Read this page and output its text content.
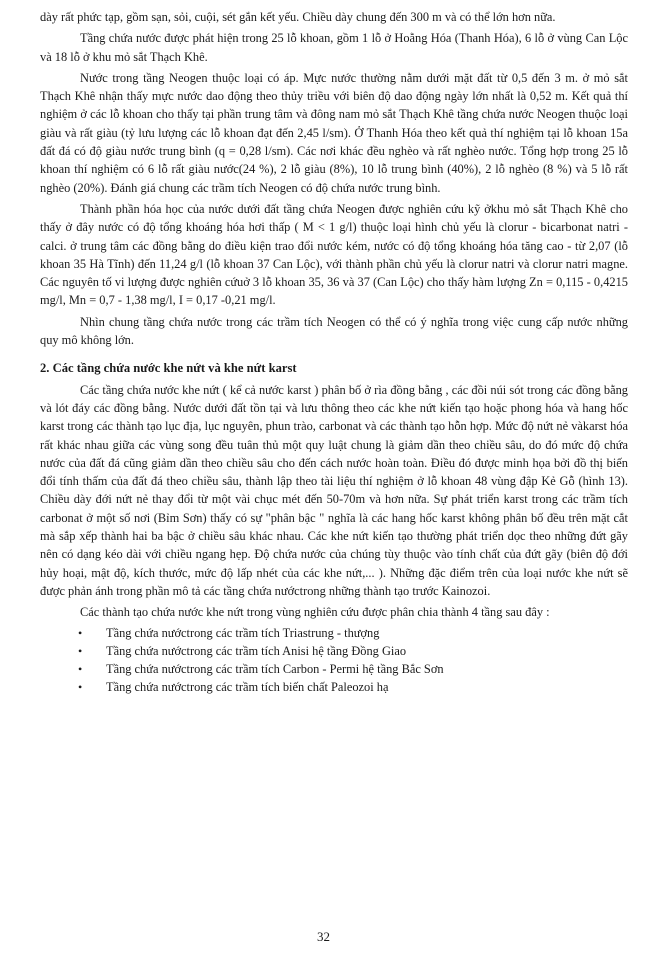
dày rất phức tạp, gồm sạn, sỏi, cuội, sét gắn kết yếu. Chiều dày chung đến 300 m và có thể lớn hơn nữa.

Tầng chứa nước được phát hiện trong 25 lỗ khoan, gồm 1 lỗ ở Hoằng Hóa (Thanh Hóa), 6 lỗ ở vùng Can Lộc và 18 lỗ ở khu mỏ sắt Thạch Khê.

Nước trong tầng Neogen thuộc loại có áp. Mực nước thường nằm dưới mặt đất từ 0,5 đến 3 m. ở mỏ sắt Thạch Khê nhận thấy mực nước dao động theo thủy triều với biên độ dao động ngày lớn nhất là 0,52 m. Kết quả thí nghiệm ở các lỗ khoan cho thấy tại phần trung tâm và đông nam mỏ sắt Thạch Khê tầng chứa nước Neogen thuộc loại giàu và rất giàu (tỷ lưu lượng các lỗ khoan đạt đến 2,45 l/sm). Ở Thanh Hóa theo kết quả thí nghiệm tại lỗ khoan 15a đất đá có độ giàu nước trung bình (q = 0,28 l/sm). Các nơi khác đều nghèo và rất nghèo nước. Tổng hợp trong 25 lỗ khoan thí nghiệm có 6 lỗ rất giàu nước(24 %), 2 lỗ giàu (8%), 10 lỗ trung bình (40%), 2 lỗ nghèo (8 %) và 5 lỗ rất nghèo (20%). Đánh giá chung các trầm tích Neogen có độ chứa nước trung bình.

Thành phần hóa học của nước dưới đất tầng chứa Neogen được nghiên cứu kỹ ởkhu mỏ sắt Thạch Khê cho thấy ở đây nước có độ tổng khoáng hóa hơi thấp ( M < 1 g/l) thuộc loại hình chủ yếu là clorur - bicarbonat natri - calci. ở trung tâm các đồng bằng do điều kiện trao đổi nước kém, nước có độ tổng khoáng hóa tăng cao - từ 2,07 (lỗ khoan 35 Hà Tĩnh) đến 11,24 g/l (lỗ khoan 37 Can Lộc), với thành phần chủ yếu là clorur natri và clorur natri magne. Các nguyên tố vi lượng được nghiên cứuở 3 lỗ khoan 35, 36 và 37 (Can Lộc) cho thấy hàm lượng Zn = 0,115 - 0,4215 mg/l, Mn = 0,7 - 1,38 mg/l, I = 0,17 -0,21 mg/l.

Nhìn chung tầng chứa nước trong các trầm tích Neogen có thể có ý nghĩa trong việc cung cấp nước những quy mô không lớn.

2. Các tầng chứa nước khe nứt và khe nứt karst

Các tầng chứa nước khe nứt ( kể cả nước karst ) phân bố ở rìa đồng bằng , các đồi núi sót trong các đồng bằng và lót đáy các đồng bằng. Nước dưới đất tồn tại và lưu thông theo các khe nứt kiến tạo hoặc phong hóa và hang hốc karst trong các thành tạo lục địa, lục nguyên, phun trào, carbonat và các thành tạo hỗn hợp. Mức độ nứt nẻ vàkarst hóa rất khác nhau giữa các vùng song đều tuân thủ một quy luật chung là giảm dần theo chiều sâu, do đó mức độ chứa nước của đất đá cũng giảm dần theo chiều sâu cho đến cách nước hoàn toàn. Điều đó được minh họa bởi đồ thị biến đổi tính thấm của đất đá theo chiều sâu, thành lập theo tài liệu thí nghiệm ở lỗ khoan 48 vùng đập Kẻ Gỗ (hình 13). Chiều dày đới nứt nẻ thay đổi từ một vài chục mét đến 50-70m và hơn nữa. Sự phát triển karst trong các trầm tích carbonat ở một số nơi (Bỉm Sơn) thấy có sự "phân bậc " nghĩa là các hang hốc karst không phân bố đều trên mặt cắt mà sắp xếp thành hai ba bậc ở chiều sâu khác nhau. Các khe nứt kiến tạo thường phát triển dọc theo những đứt gãy nên có dạng kéo dài với chiều ngang hẹp. Độ chứa nước của chúng tùy thuộc vào tính chất của đứt gãy (biên độ đới hủy hoại, mật độ, kích thước, mức độ lấp nhét của các khe nứt,... ). Những đặc điểm trên của loại nước khe nứt sẽ được phản ánh trong phần mô tả các tầng chứa nướctrong những thành tạo trước Kainozoi.

Các thành tạo chứa nước khe nứt trong vùng nghiên cứu được phân chia thành 4 tầng sau đây :

• Tầng chứa nướctrong các trầm tích Triastrung - thượng
• Tầng chứa nướctrong các trầm tích Anisi hệ tầng Đồng Giao
• Tầng chứa nướctrong các trầm tích Carbon - Permi hệ tầng Bắc Sơn
• Tầng chứa nướctrong các trầm tích biến chất Paleozoi hạ
32
